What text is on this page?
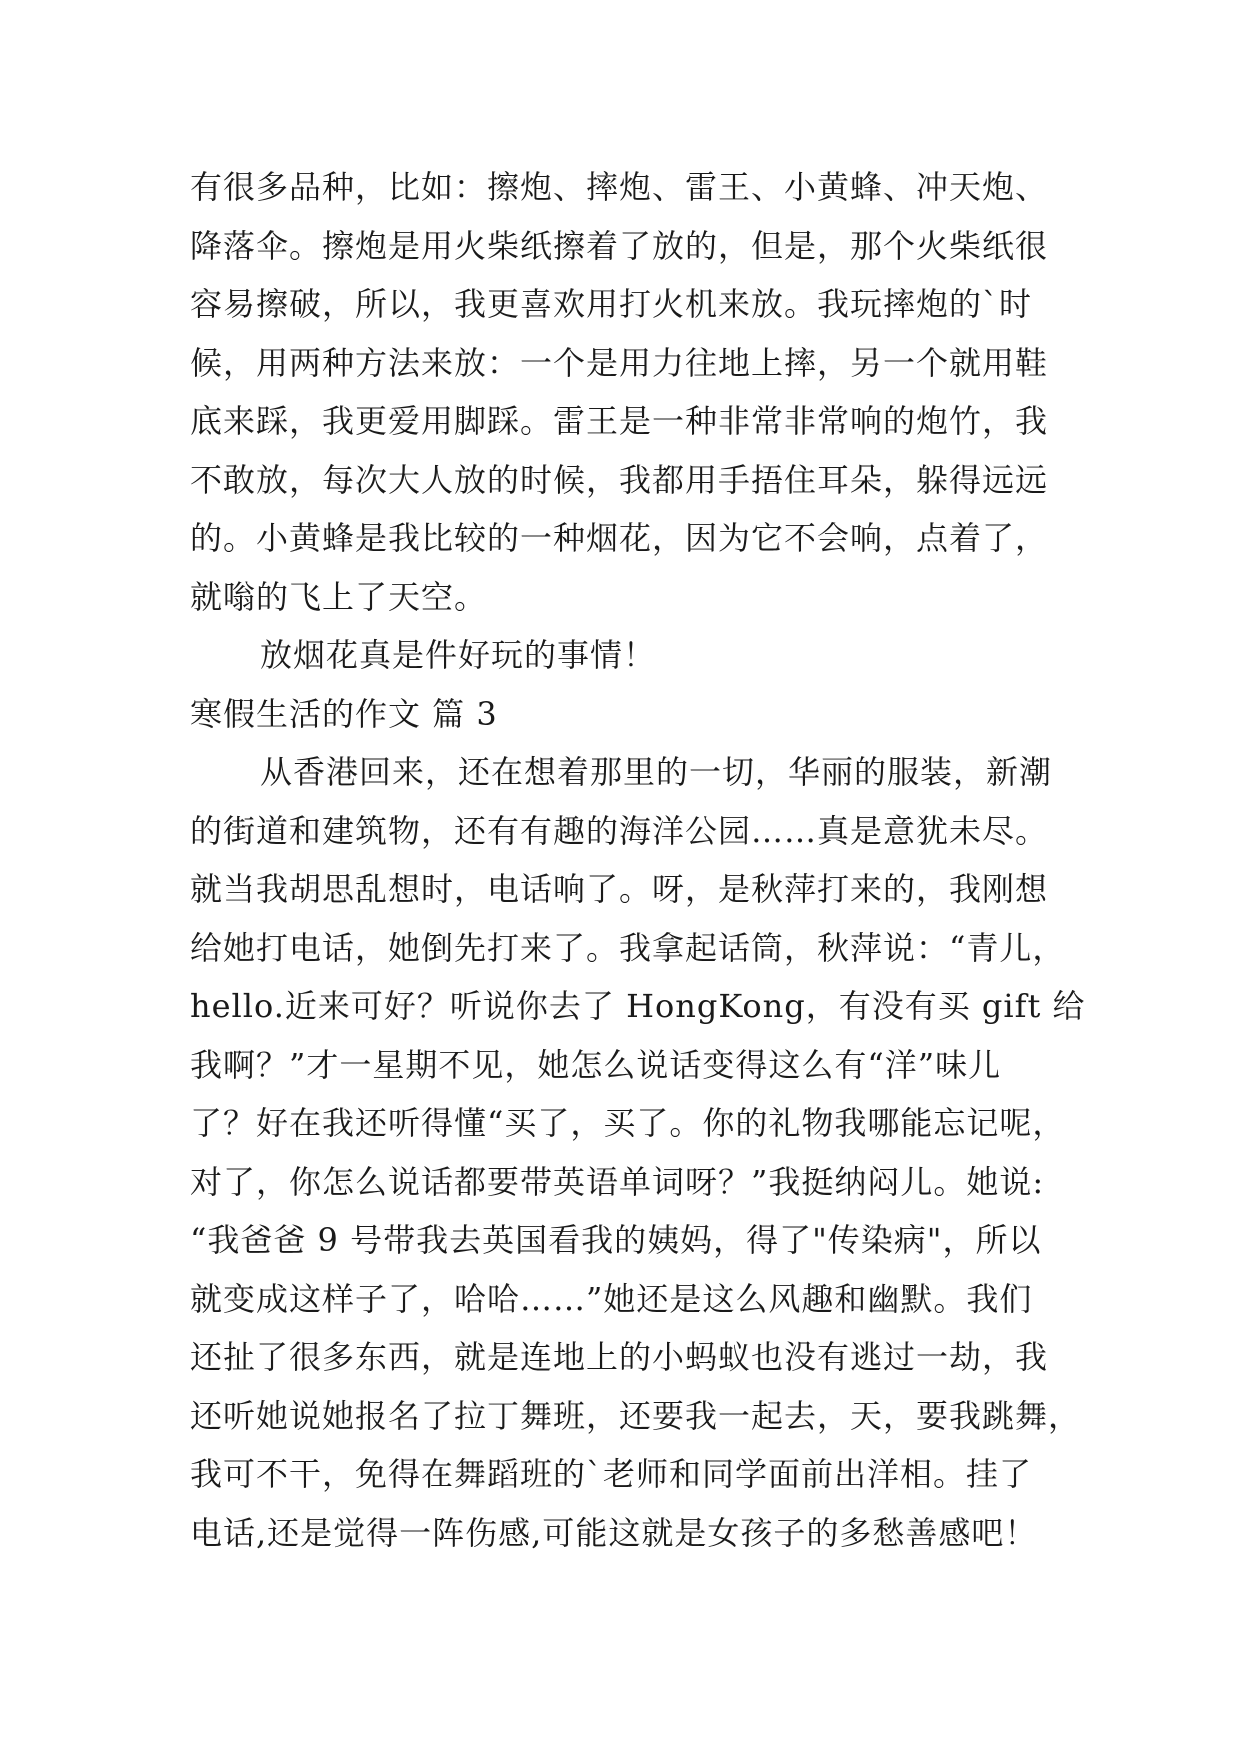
有很多品种，比如：擦炮、摔炮、雷王、小黄蜂、冲天炮、
降落伞。擦炮是用火柴纸擦着了放的，但是，那个火柴纸很
容易擦破，所以，我更喜欢用打火机来放。我玩摔炮的`时
候，用两种方法来放：一个是用力往地上摔，另一个就用鞋
底来踩，我更爱用脚踩。雷王是一种非常非常响的炮竹，我
不敢放，每次大人放的时候，我都用手捂住耳朵，躲得远远
的。小黄蜂是我比较的一种烟花，因为它不会响，点着了，
就嗡的飞上了天空。
放烟花真是件好玩的事情！
寒假生活的作文 篇 3
从香港回来，还在想着那里的一切，华丽的服装，新潮
的街道和建筑物，还有有趣的海洋公园……真是意犹未尽。
就当我胡思乱想时，电话响了。呀，是秋萍打来的，我刚想
给她打电话，她倒先打来了。我拿起话筒，秋萍说：“青儿，
hello.近来可好？听说你去了 HongKong，有没有买 gift 给
我啊？”才一星期不见，她怎么说话变得这么有“洋”味儿
了？好在我还听得懂“买了，买了。你的礼物我哪能忘记呢，
对了，你怎么说话都要带英语单词呀？”我挺纳闷儿。她说:
“我爸爸 9 号带我去英国看我的姨妈，得了"传染病"，所以
就变成这样子了，哈哈……”她还是这么风趣和幽默。我们
还扯了很多东西，就是连地上的小蚂蚁也没有逃过一劫，我
还听她说她报名了拉丁舞班，还要我一起去，天，要我跳舞，
我可不干，免得在舞蹈班的`老师和同学面前出洋相。挂了
电话,还是觉得一阵伤感,可能这就是女孩子的多愁善感吧！
